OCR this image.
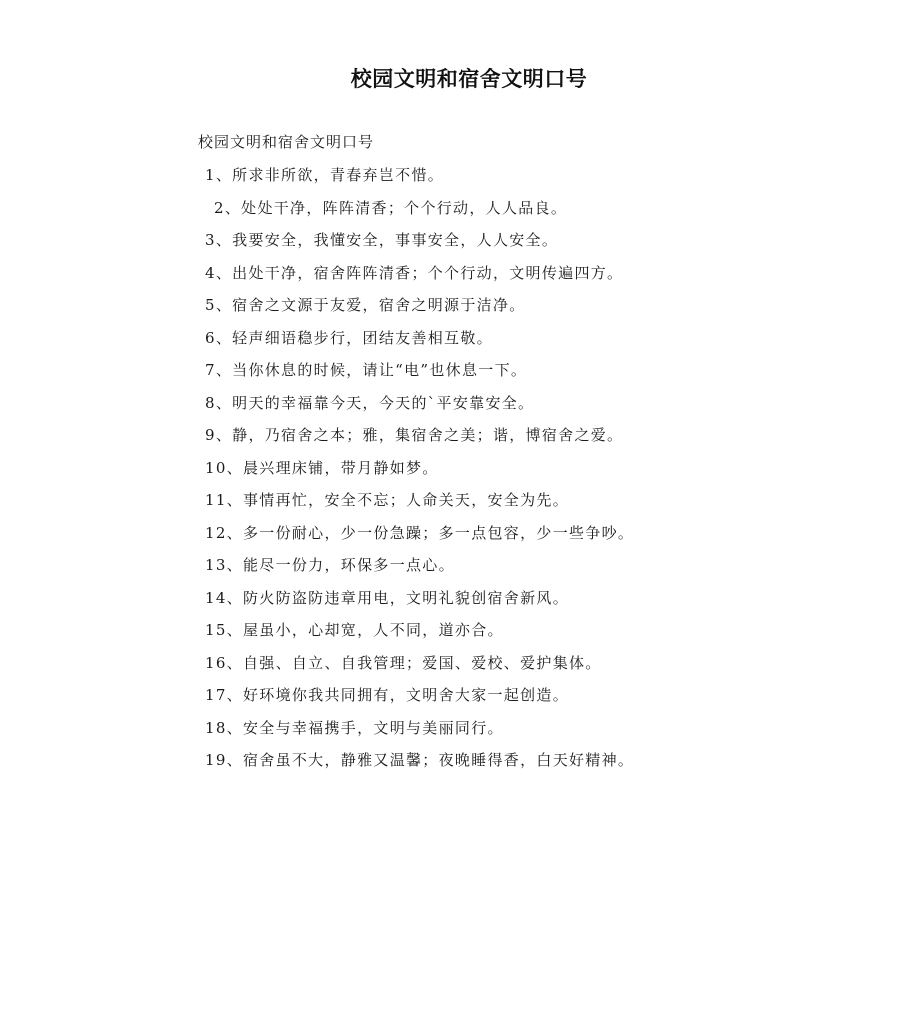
校园文明和宿舍文明口号
校园文明和宿舍文明口号
1、所求非所欲，青春弃岂不惜。
2、处处干净，阵阵清香；个个行动，人人品良。
3、我要安全，我懂安全，事事安全，人人安全。
4、出处干净，宿舍阵阵清香；个个行动，文明传遍四方。
5、宿舍之文源于友爱，宿舍之明源于洁净。
6、轻声细语稳步行，团结友善相互敬。
7、当你休息的时候，请让“电”也休息一下。
8、明天的幸福靠今天，今天的`平安靠安全。
9、静，乃宿舍之本；雅，集宿舍之美；谐，博宿舍之爱。
10、晨兴理床铺，带月静如梦。
11、事情再忙，安全不忘；人命关天，安全为先。
12、多一份耐心，少一份急躁；多一点包容，少一些争吵。
13、能尽一份力，环保多一点心。
14、防火防盗防违章用电，文明礼貌创宿舍新风。
15、屋虽小，心却宽，人不同，道亦合。
16、自强、自立、自我管理；爱国、爱校、爱护集体。
17、好环境你我共同拥有，文明舍大家一起创造。
18、安全与幸福携手，文明与美丽同行。
19、宿舍虽不大，静雅又温馨；夜晚睡得香，白天好精神。
